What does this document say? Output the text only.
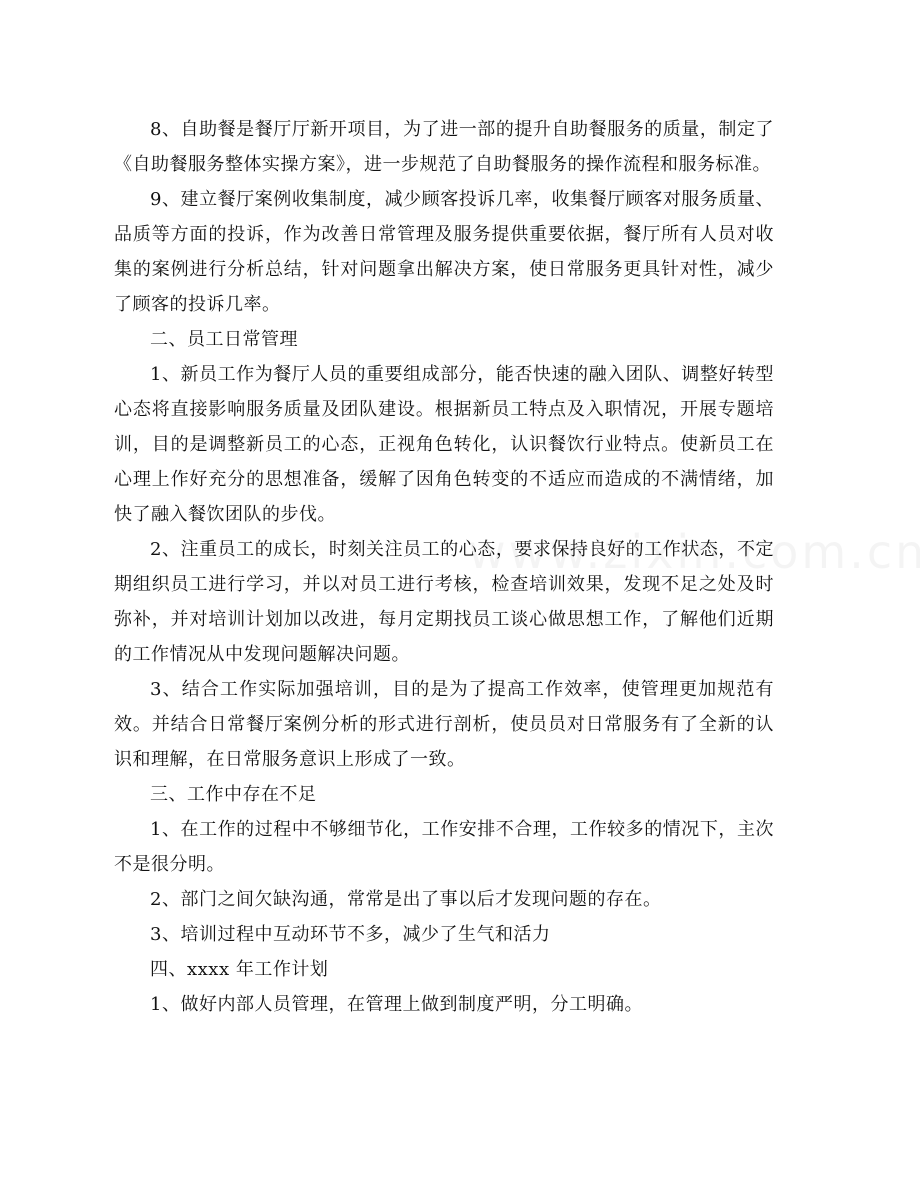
8、自助餐是餐厅厅新开项目，为了进一部的提升自助餐服务的质量，制定了《自助餐服务整体实操方案》，进一步规范了自助餐服务的操作流程和服务标准。

9、建立餐厅案例收集制度，减少顾客投诉几率，收集餐厅顾客对服务质量、品质等方面的投诉，作为改善日常管理及服务提供重要依据，餐厅所有人员对收集的案例进行分析总结，针对问题拿出解决方案，使日常服务更具针对性，减少了顾客的投诉几率。

二、员工日常管理

1、新员工作为餐厅人员的重要组成部分，能否快速的融入团队、调整好转型心态将直接影响服务质量及团队建设。根据新员工特点及入职情况，开展专题培训，目的是调整新员工的心态，正视角色转化，认识餐饮行业特点。使新员工在心理上作好充分的思想准备，缓解了因角色转变的不适应而造成的不满情绪，加快了融入餐饮团队的步伐。

2、注重员工的成长，时刻关注员工的心态，要求保持良好的工作状态，不定期组织员工进行学习，并以对员工进行考核，检查培训效果，发现不足之处及时弥补，并对培训计划加以改进，每月定期找员工谈心做思想工作，了解他们近期的工作情况从中发现问题解决问题。

3、结合工作实际加强培训，目的是为了提高工作效率，使管理更加规范有效。并结合日常餐厅案例分析的形式进行剖析，使员员对日常服务有了全新的认识和理解，在日常服务意识上形成了一致。

三、工作中存在不足

1、在工作的过程中不够细节化，工作安排不合理，工作较多的情况下，主次不是很分明。

2、部门之间欠缺沟通，常常是出了事以后才发现问题的存在。

3、培训过程中互动环节不多，减少了生气和活力

四、xxxx 年工作计划

1、做好内部人员管理，在管理上做到制度严明，分工明确。
